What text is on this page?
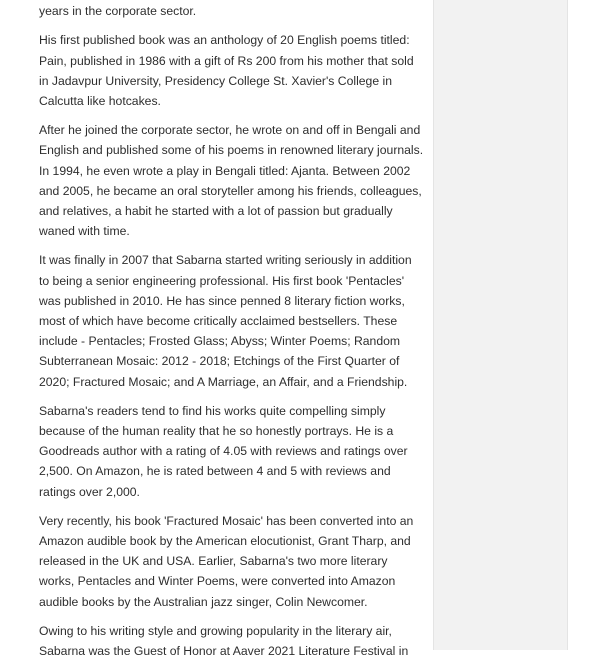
years in the corporate sector.

His first published book was an anthology of 20 English poems titled: Pain, published in 1986 with a gift of Rs 200 from his mother that sold in Jadavpur University, Presidency College St. Xavier's College in Calcutta like hotcakes.

After he joined the corporate sector, he wrote on and off in Bengali and English and published some of his poems in renowned literary journals. In 1994, he even wrote a play in Bengali titled: Ajanta. Between 2002 and 2005, he became an oral storyteller among his friends, colleagues, and relatives, a habit he started with a lot of passion but gradually waned with time.

It was finally in 2007 that Sabarna started writing seriously in addition to being a senior engineering professional. His first book 'Pentacles' was published in 2010. He has since penned 8 literary fiction works, most of which have become critically acclaimed bestsellers. These include - Pentacles; Frosted Glass; Abyss; Winter Poems; Random Subterranean Mosaic: 2012 - 2018; Etchings of the First Quarter of 2020; Fractured Mosaic; and A Marriage, an Affair, and a Friendship.

Sabarna's readers tend to find his works quite compelling simply because of the human reality that he so honestly portrays. He is a Goodreads author with a rating of 4.05 with reviews and ratings over 2,500. On Amazon, he is rated between 4 and 5 with reviews and ratings over 2,000.

Very recently, his book 'Fractured Mosaic' has been converted into an Amazon audible book by the American elocutionist, Grant Tharp, and released in the UK and USA. Earlier, Sabarna's two more literary works, Pentacles and Winter Poems, were converted into Amazon audible books by the Australian jazz singer, Colin Newcomer.

Owing to his writing style and growing popularity in the literary air, Sabarna was the Guest of Honor at Aaver 2021 Literature Festival in
